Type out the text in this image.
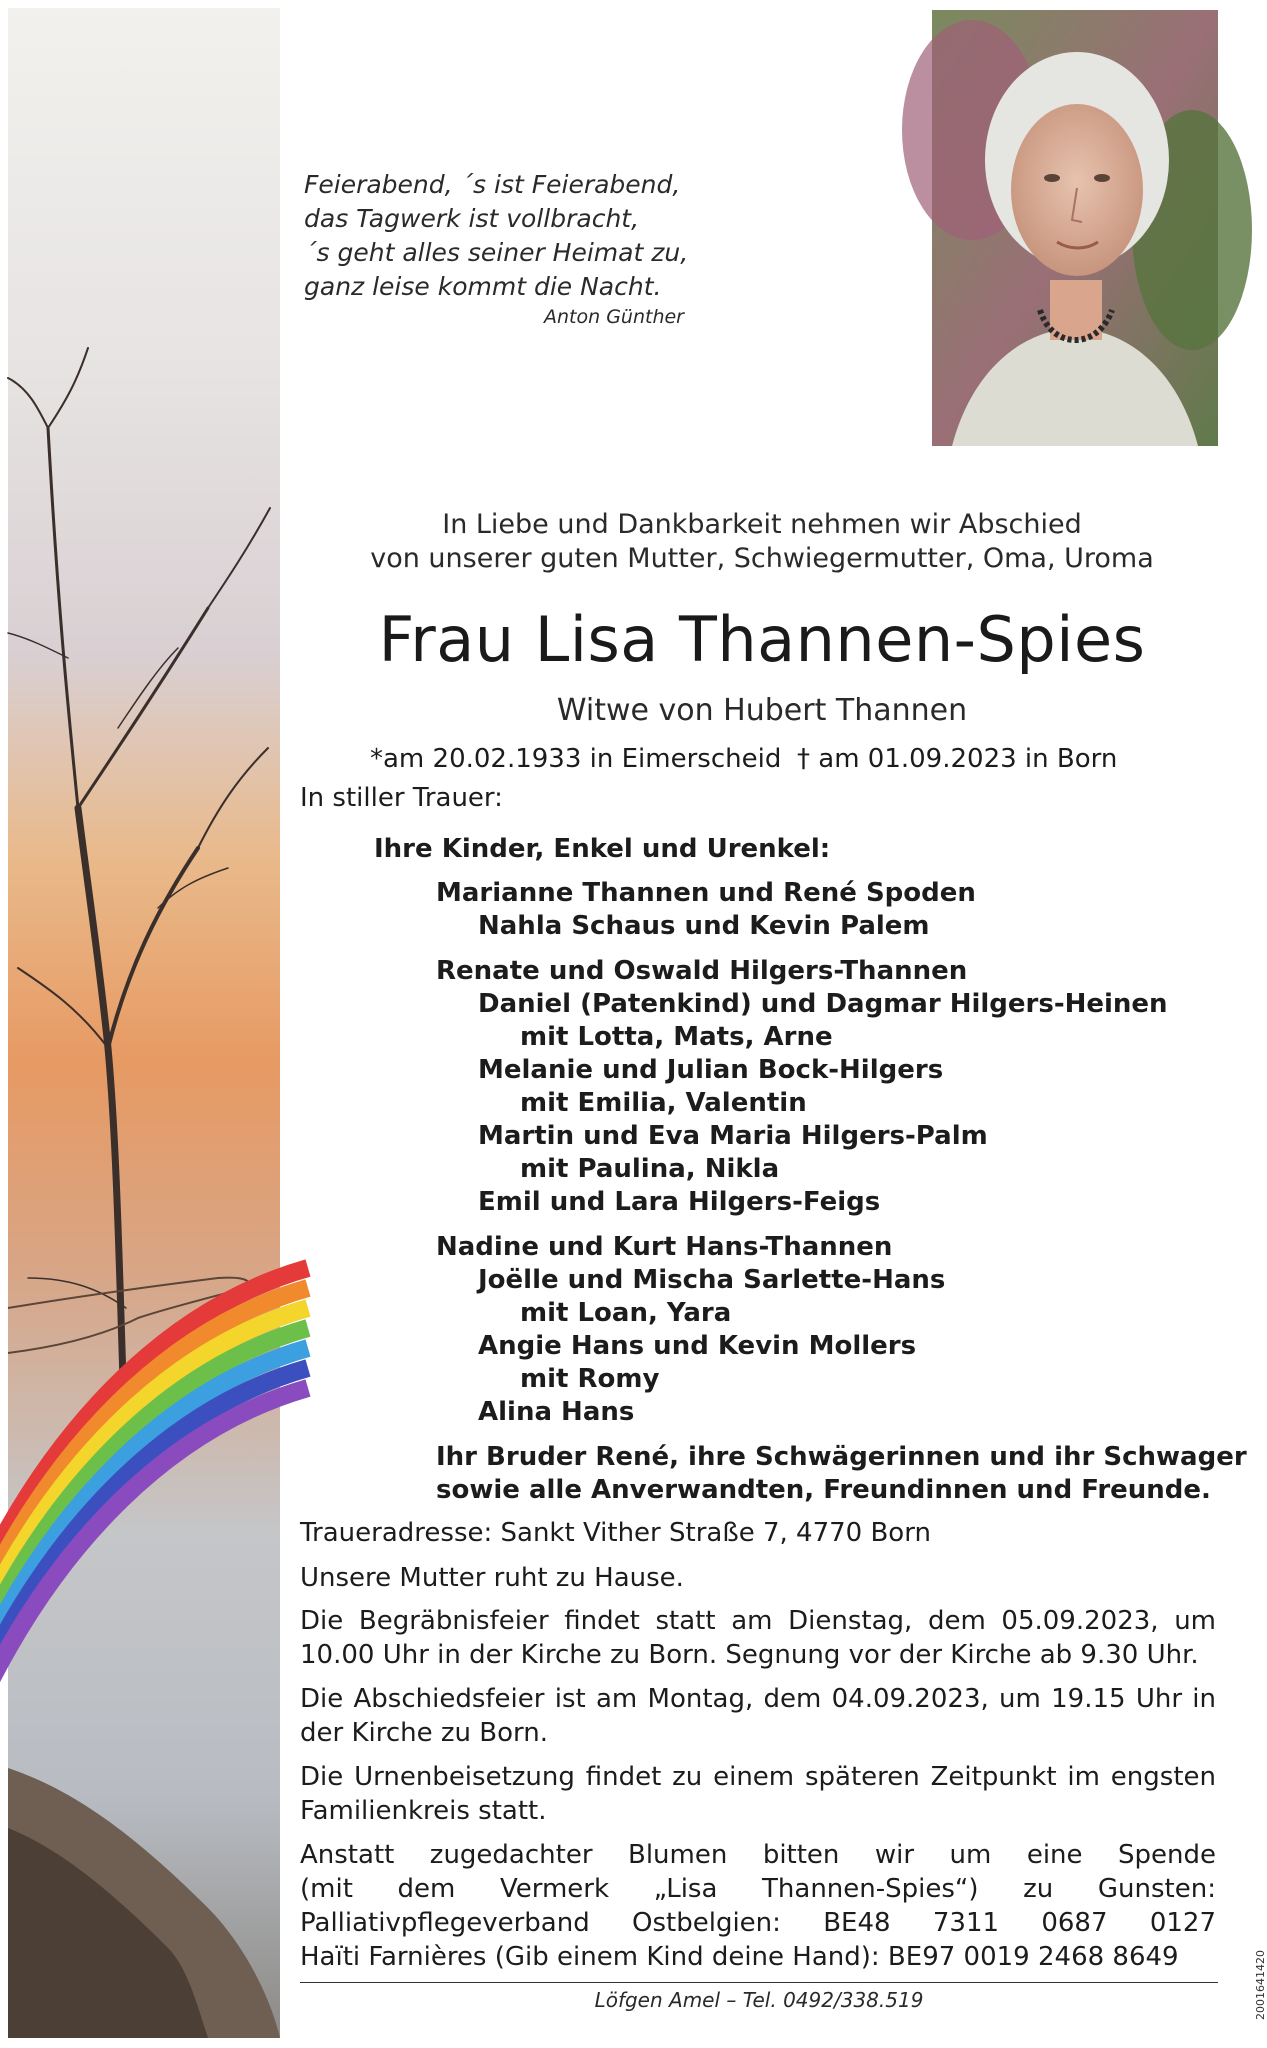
Feierabend, ´s ist Feierabend,
das Tagwerk ist vollbracht,
´s geht alles seiner Heimat zu,
ganz leise kommt die Nacht.
Anton Günther
In Liebe und Dankbarkeit nehmen wir Abschied
von unserer guten Mutter, Schwiegermutter, Oma, Uroma
Frau Lisa Thannen-Spies
Witwe von Hubert Thannen
*am 20.02.1933 in Eimerscheid † am 01.09.2023 in Born
In stiller Trauer:
Ihre Kinder, Enkel und Urenkel:
Marianne Thannen und René Spoden
Nahla Schaus und Kevin Palem
Renate und Oswald Hilgers-Thannen
Daniel (Patenkind) und Dagmar Hilgers-Heinen
mit Lotta, Mats, Arne
Melanie und Julian Bock-Hilgers
mit Emilia, Valentin
Martin und Eva Maria Hilgers-Palm
mit Paulina, Nikla
Emil und Lara Hilgers-Feigs
Nadine und Kurt Hans-Thannen
Joëlle und Mischa Sarlette-Hans
mit Loan, Yara
Angie Hans und Kevin Mollers
mit Romy
Alina Hans
Ihr Bruder René, ihre Schwägerinnen und ihr Schwager
sowie alle Anverwandten, Freundinnen und Freunde.
Traueradresse: Sankt Vither Straße 7, 4770 Born
Unsere Mutter ruht zu Hause.
Die Begräbnisfeier findet statt am Dienstag, dem 05.09.2023, um
10.00 Uhr in der Kirche zu Born. Segnung vor der Kirche ab 9.30 Uhr.
Die Abschiedsfeier ist am Montag, dem 04.09.2023, um 19.15 Uhr in
der Kirche zu Born.
Die Urnenbeisetzung findet zu einem späteren Zeitpunkt im engsten
Familienkreis statt.
Anstatt zugedachter Blumen bitten wir um eine Spende
(mit dem Vermerk „Lisa Thannen-Spies“) zu Gunsten:
Palliativpflegeverband Ostbelgien: BE48 7311 0687 0127
Haïti Farnières (Gib einem Kind deine Hand): BE97 0019 2468 8649
Löfgen Amel – Tel. 0492/338.519	2001641420
